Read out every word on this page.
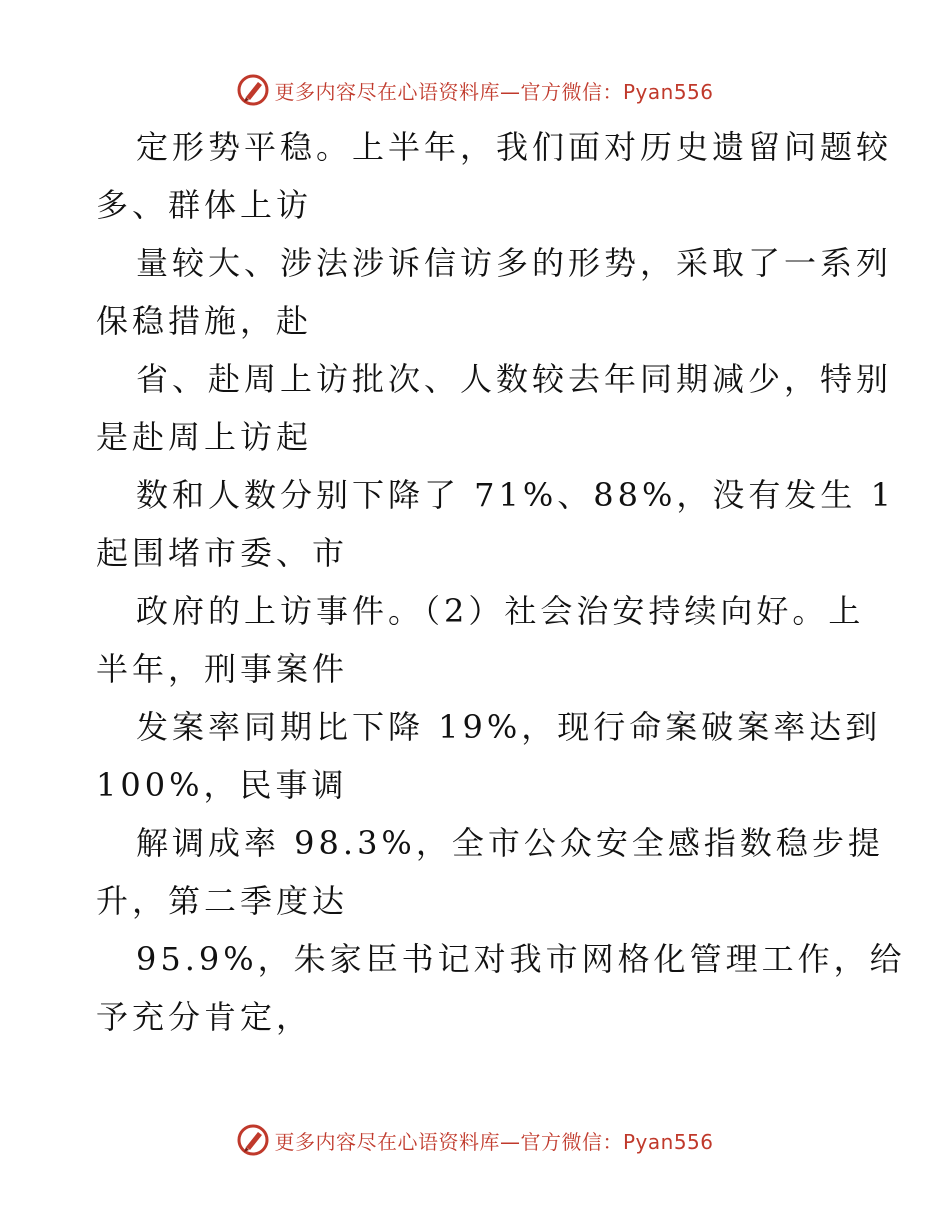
更多内容尽在心语资料库—官方微信：Pyan556

定形势平稳。上半年，我们面对历史遗留问题较

多、群体上访

量较大、涉法涉诉信访多的形势，采取了一系列

保稳措施，赴

省、赴周上访批次、人数较去年同期减少，特别

是赴周上访起

数和人数分别下降了 71%、88%，没有发生 1

起围堵市委、市

政府的上访事件。（2）社会治安持续向好。上

半年，刑事案件

发案率同期比下降 19%，现行命案破案率达到

100%，民事调

解调成率 98.3%，全市公众安全感指数稳步提

升，第二季度达

95.9%，朱家臣书记对我市网格化管理工作，给

予充分肯定，

更多内容尽在心语资料库—官方微信：Pyan556
